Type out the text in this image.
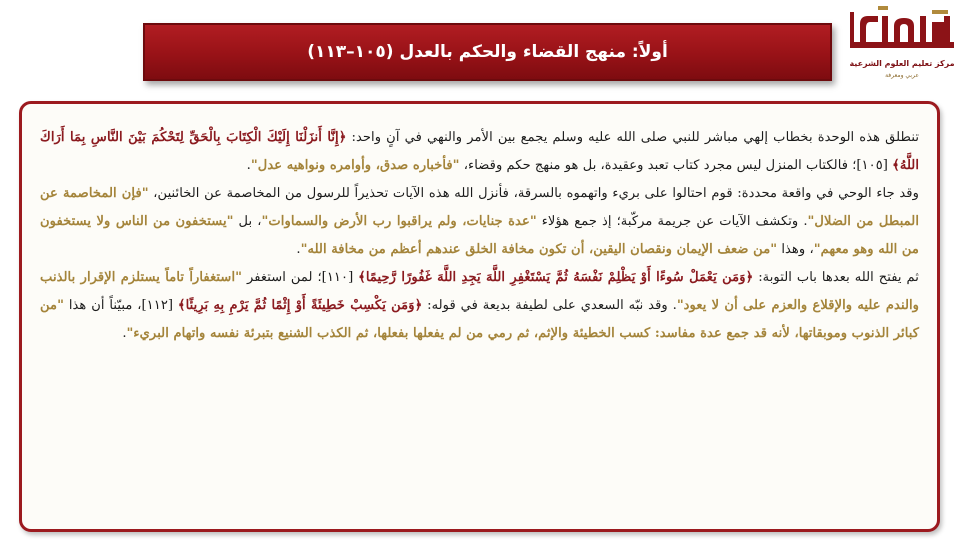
أولاً: منهج القضاء والحكم بالعدل (١٠٥–١١٣)
مركز تعليم العلوم الشرعية
عربي ومعرفة

تنطلق هذه الوحدة بخطاب إلهي مباشر للنبي صلى الله عليه وسلم يجمع بين الأمر والنهي في آنٍ واحد: ﴿إِنَّا أَنزَلْنَا إِلَيْكَ الْكِتَابَ بِالْحَقِّ لِتَحْكُمَ بَيْنَ النَّاسِ بِمَا أَرَاكَ اللَّهُ﴾ [١٠٥]؛ فالكتاب المنزل ليس مجرد كتاب تعبد وعقيدة، بل هو منهج حكم وقضاء، "فأخباره صدق، وأوامره ونواهيه عدل".

وقد جاء الوحي في واقعة محددة: قوم احتالوا على بريء واتهموه بالسرقة، فأنزل الله هذه الآيات تحذيراً للرسول من المخاصمة عن الخائنين، "فإن المخاصمة عن المبطل من الضلال". وتكشف الآيات عن جريمة مركّبة؛ إذ جمع هؤلاء "عدة جنايات، ولم يراقبوا رب الأرض والسماوات"، بل "يستخفون من الناس ولا يستخفون من الله وهو معهم"، وهذا "من ضعف الإيمان ونقصان اليقين، أن تكون مخافة الخلق عندهم أعظم من مخافة الله".

ثم يفتح الله بعدها باب التوبة: ﴿وَمَن يَعْمَلْ سُوءًا أَوْ يَظْلِمْ نَفْسَهُ ثُمَّ يَسْتَغْفِرِ اللَّهَ يَجِدِ اللَّهَ غَفُورًا رَّحِيمًا﴾ [١١٠]؛ لمن استغفر "استغفاراً تاماً يستلزم الإقرار بالذنب والندم عليه والإقلاع والعزم على أن لا يعود". وقد نبّه السعدي على لطيفة بديعة في قوله: ﴿وَمَن يَكْسِبْ خَطِيئَةً أَوْ إِثْمًا ثُمَّ يَرْمِ بِهِ بَرِيئًا﴾ [١١٢]، مبيّناً أن هذا "من كبائر الذنوب وموبقاتها، لأنه قد جمع عدة مفاسد: كسب الخطيئة والإثم، ثم رمي من لم يفعلها بفعلها، ثم الكذب الشنيع بتبرئة نفسه واتهام البريء".
